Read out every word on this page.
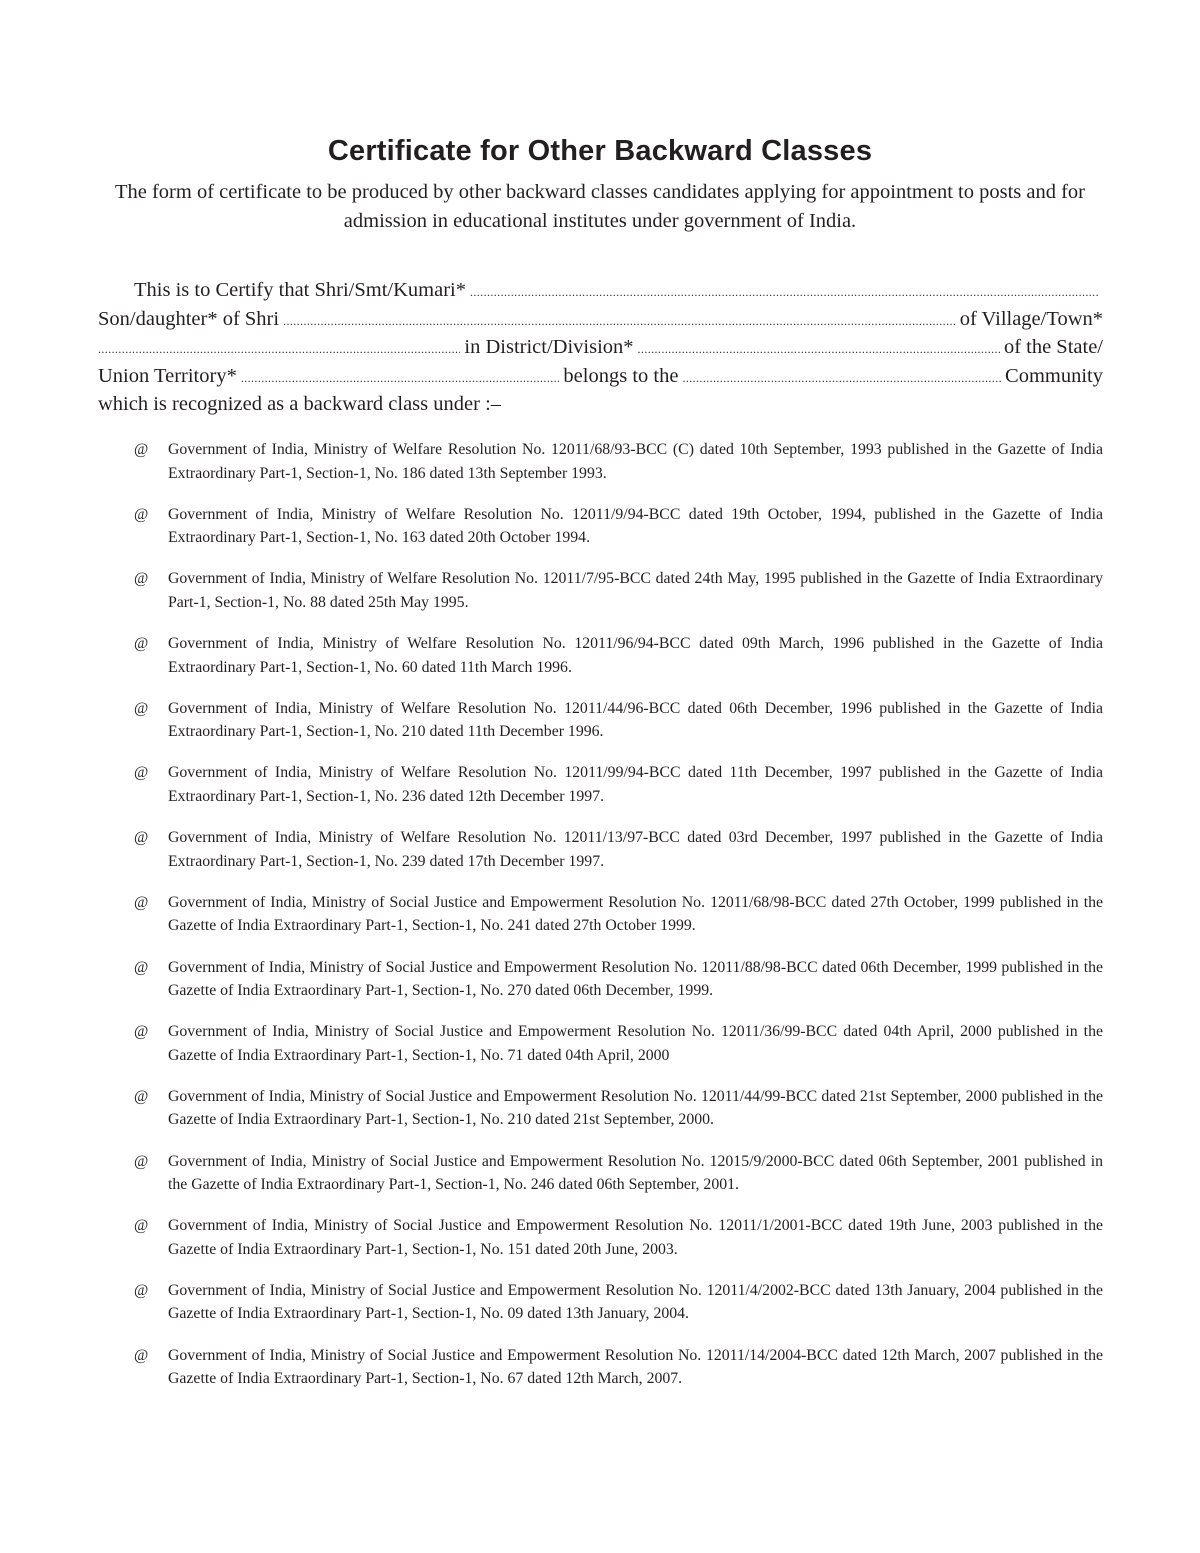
Certificate for Other Backward Classes
The form of certificate to be produced by other backward classes candidates applying for appointment to posts and for admission in educational institutes under government of India.
This is to Certify that Shri/Smt/Kumari*
.....
Son/daughter* of Shri .....	of Village/Town*
.....
in District/Division* .....	of the State/
Union Territory* .....	belongs to the .....	Community
which is recognized as a backward class under :–
@	Government of India, Ministry of Welfare Resolution No. 12011/68/93-BCC (C) dated 10th September, 1993 published in the Gazette of India Extraordinary Part-1, Section-1, No. 186 dated 13th September 1993.
@	Government of India, Ministry of Welfare Resolution No. 12011/9/94-BCC dated 19th October, 1994, published in the Gazette of India Extraordinary Part-1, Section-1, No. 163 dated 20th October 1994.
@	Government of India, Ministry of Welfare Resolution No. 12011/7/95-BCC dated 24th May, 1995 published in the Gazette of India Extraordinary Part-1, Section-1, No. 88 dated 25th May 1995.
@	Government of India, Ministry of Welfare Resolution No. 12011/96/94-BCC dated 09th March, 1996 published in the Gazette of India Extraordinary Part-1, Section-1, No. 60 dated 11th March 1996.
@	Government of India, Ministry of Welfare Resolution No. 12011/44/96-BCC dated 06th December, 1996 published in the Gazette of India Extraordinary Part-1, Section-1, No. 210 dated 11th December 1996.
@	Government of India, Ministry of Welfare Resolution No. 12011/99/94-BCC dated 11th December, 1997 published in the Gazette of India Extraordinary Part-1, Section-1, No. 236 dated 12th December 1997.
@	Government of India, Ministry of Welfare Resolution No. 12011/13/97-BCC dated 03rd December, 1997 published in the Gazette of India Extraordinary Part-1, Section-1, No. 239 dated 17th December 1997.
@	Government of India, Ministry of Social Justice and Empowerment Resolution No. 12011/68/98-BCC dated 27th October, 1999 published in the Gazette of India Extraordinary Part-1, Section-1, No. 241 dated 27th October 1999.
@	Government of India, Ministry of Social Justice and Empowerment Resolution No. 12011/88/98-BCC dated 06th December, 1999 published in the Gazette of India Extraordinary Part-1, Section-1, No. 270 dated 06th December, 1999.
@	Government of India, Ministry of Social Justice and Empowerment Resolution No. 12011/36/99-BCC dated 04th April, 2000 published in the Gazette of India Extraordinary Part-1, Section-1, No. 71 dated 04th April, 2000
@	Government of India, Ministry of Social Justice and Empowerment Resolution No. 12011/44/99-BCC dated 21st September, 2000 published in the Gazette of India Extraordinary Part-1, Section-1, No. 210 dated 21st September, 2000.
@	Government of India, Ministry of Social Justice and Empowerment Resolution No. 12015/9/2000-BCC dated 06th September, 2001 published in the Gazette of India Extraordinary Part-1, Section-1, No. 246 dated 06th September, 2001.
@	Government of India, Ministry of Social Justice and Empowerment Resolution No. 12011/1/2001-BCC dated 19th June, 2003 published in the Gazette of India Extraordinary Part-1, Section-1, No. 151 dated 20th June, 2003.
@	Government of India, Ministry of Social Justice and Empowerment Resolution No. 12011/4/2002-BCC dated 13th January, 2004 published in the Gazette of India Extraordinary Part-1, Section-1, No. 09 dated 13th January, 2004.
@	Government of India, Ministry of Social Justice and Empowerment Resolution No. 12011/14/2004-BCC dated 12th March, 2007 published in the Gazette of India Extraordinary Part-1, Section-1, No. 67 dated 12th March, 2007.
